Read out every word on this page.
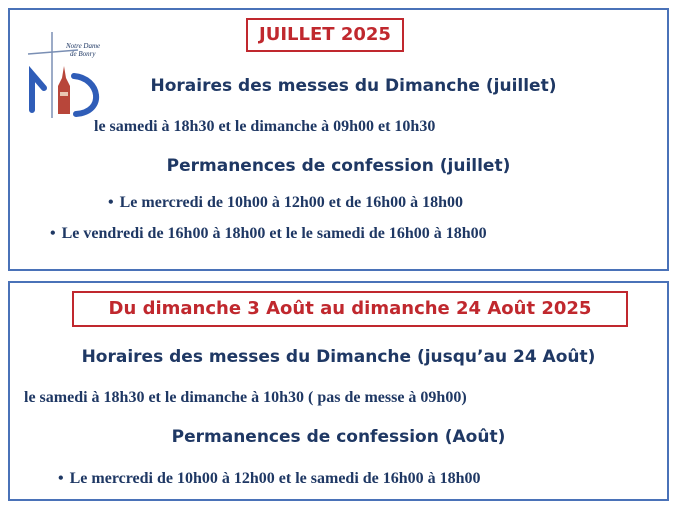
Notre Dame
de Bonry
JUILLET 2025
Horaires des messes du Dimanche (juillet)
le samedi à 18h30 et le dimanche à 09h00 et 10h30
Permanences de confession (juillet)
• Le mercredi de 10h00 à 12h00 et de 16h00 à 18h00
• Le vendredi de 16h00 à 18h00 et le le samedi de 16h00 à 18h00
Du dimanche 3 Août au dimanche 24 Août 2025
Horaires des messes du Dimanche (jusqu’au 24 Août)
le samedi à 18h30 et le dimanche à 10h30 ( pas de messe à 09h00)
Permanences de confession (Août)
• Le mercredi de 10h00 à 12h00 et le samedi de 16h00 à 18h00
